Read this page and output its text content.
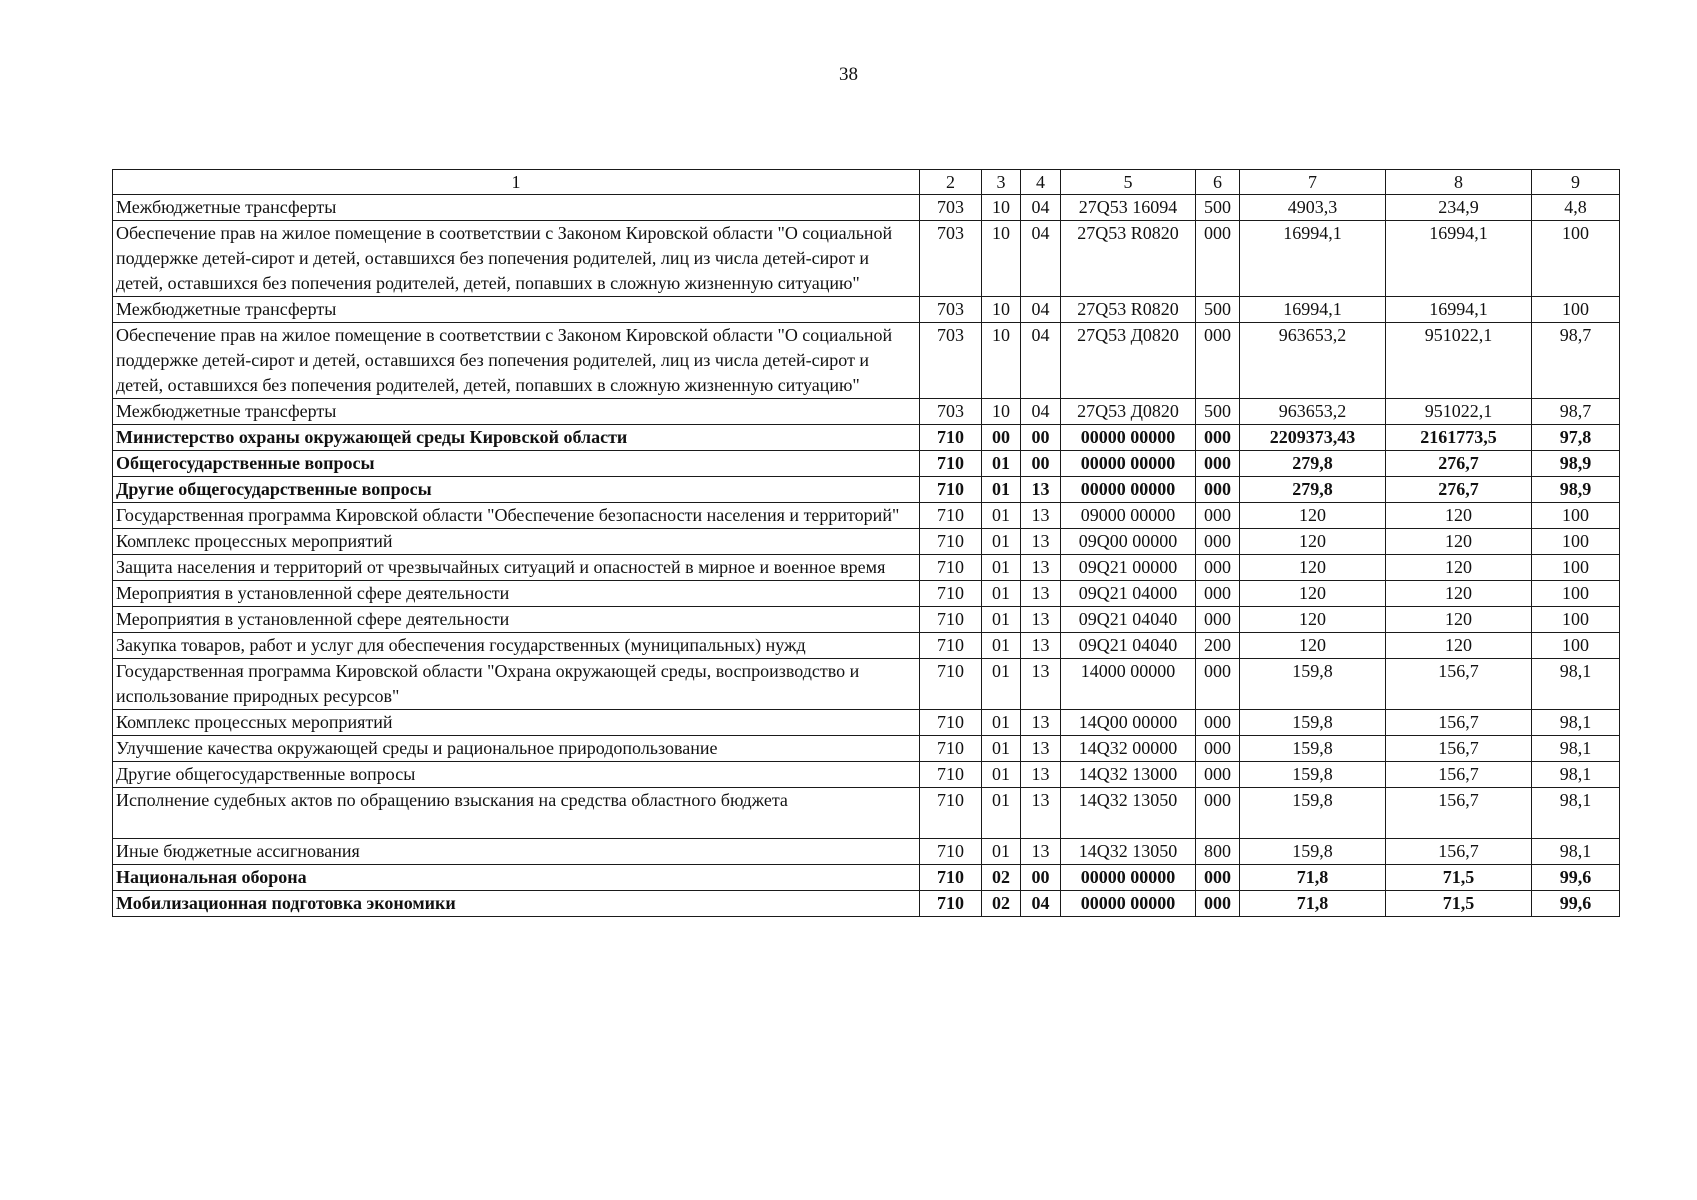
38
1	2	3	4	5	6	7	8	9
Межбюджетные трансферты	703	10	04	27Q53 16094	500	4903,3	234,9	4,8
Обеспечение прав на жилое помещение в соответствии с Законом Кировской области "О социальной поддержке детей-сирот и детей, оставшихся без попечения родителей, лиц из числа детей-сирот и детей, оставшихся без попечения родителей, детей, попавших в сложную жизненную ситуацию"	703	10	04	27Q53 R0820	000	16994,1	16994,1	100
Межбюджетные трансферты	703	10	04	27Q53 R0820	500	16994,1	16994,1	100
Обеспечение прав на жилое помещение в соответствии с Законом Кировской области "О социальной поддержке детей-сирот и детей, оставшихся без попечения родителей, лиц из числа детей-сирот и детей, оставшихся без попечения родителей, детей, попавших в сложную жизненную ситуацию"	703	10	04	27Q53 Д0820	000	963653,2	951022,1	98,7
Межбюджетные трансферты	703	10	04	27Q53 Д0820	500	963653,2	951022,1	98,7
Министерство охраны окружающей среды Кировской области	710	00	00	00000 00000	000	2209373,43	2161773,5	97,8
Общегосударственные вопросы	710	01	00	00000 00000	000	279,8	276,7	98,9
Другие общегосударственные вопросы	710	01	13	00000 00000	000	279,8	276,7	98,9
Государственная программа Кировской области "Обеспечение безопасности населения и территорий"	710	01	13	09000 00000	000	120	120	100
Комплекс процессных мероприятий	710	01	13	09Q00 00000	000	120	120	100
Защита населения и территорий от чрезвычайных ситуаций и опасностей в мирное и военное время	710	01	13	09Q21 00000	000	120	120	100
Мероприятия в установленной сфере деятельности	710	01	13	09Q21 04000	000	120	120	100
Мероприятия в установленной сфере деятельности	710	01	13	09Q21 04040	000	120	120	100
Закупка товаров, работ и услуг для обеспечения государственных (муниципальных) нужд	710	01	13	09Q21 04040	200	120	120	100
Государственная программа Кировской области "Охрана окружающей среды, воспроизводство и использование природных ресурсов"	710	01	13	14000 00000	000	159,8	156,7	98,1
Комплекс процессных мероприятий	710	01	13	14Q00 00000	000	159,8	156,7	98,1
Улучшение качества окружающей среды и рациональное природопользование	710	01	13	14Q32 00000	000	159,8	156,7	98,1
Другие общегосударственные вопросы	710	01	13	14Q32 13000	000	159,8	156,7	98,1
Исполнение судебных актов по обращению взыскания на средства областного бюджета	710	01	13	14Q32 13050	000	159,8	156,7	98,1
Иные бюджетные ассигнования	710	01	13	14Q32 13050	800	159,8	156,7	98,1
Национальная оборона	710	02	00	00000 00000	000	71,8	71,5	99,6
Мобилизационная подготовка экономики	710	02	04	00000 00000	000	71,8	71,5	99,6
